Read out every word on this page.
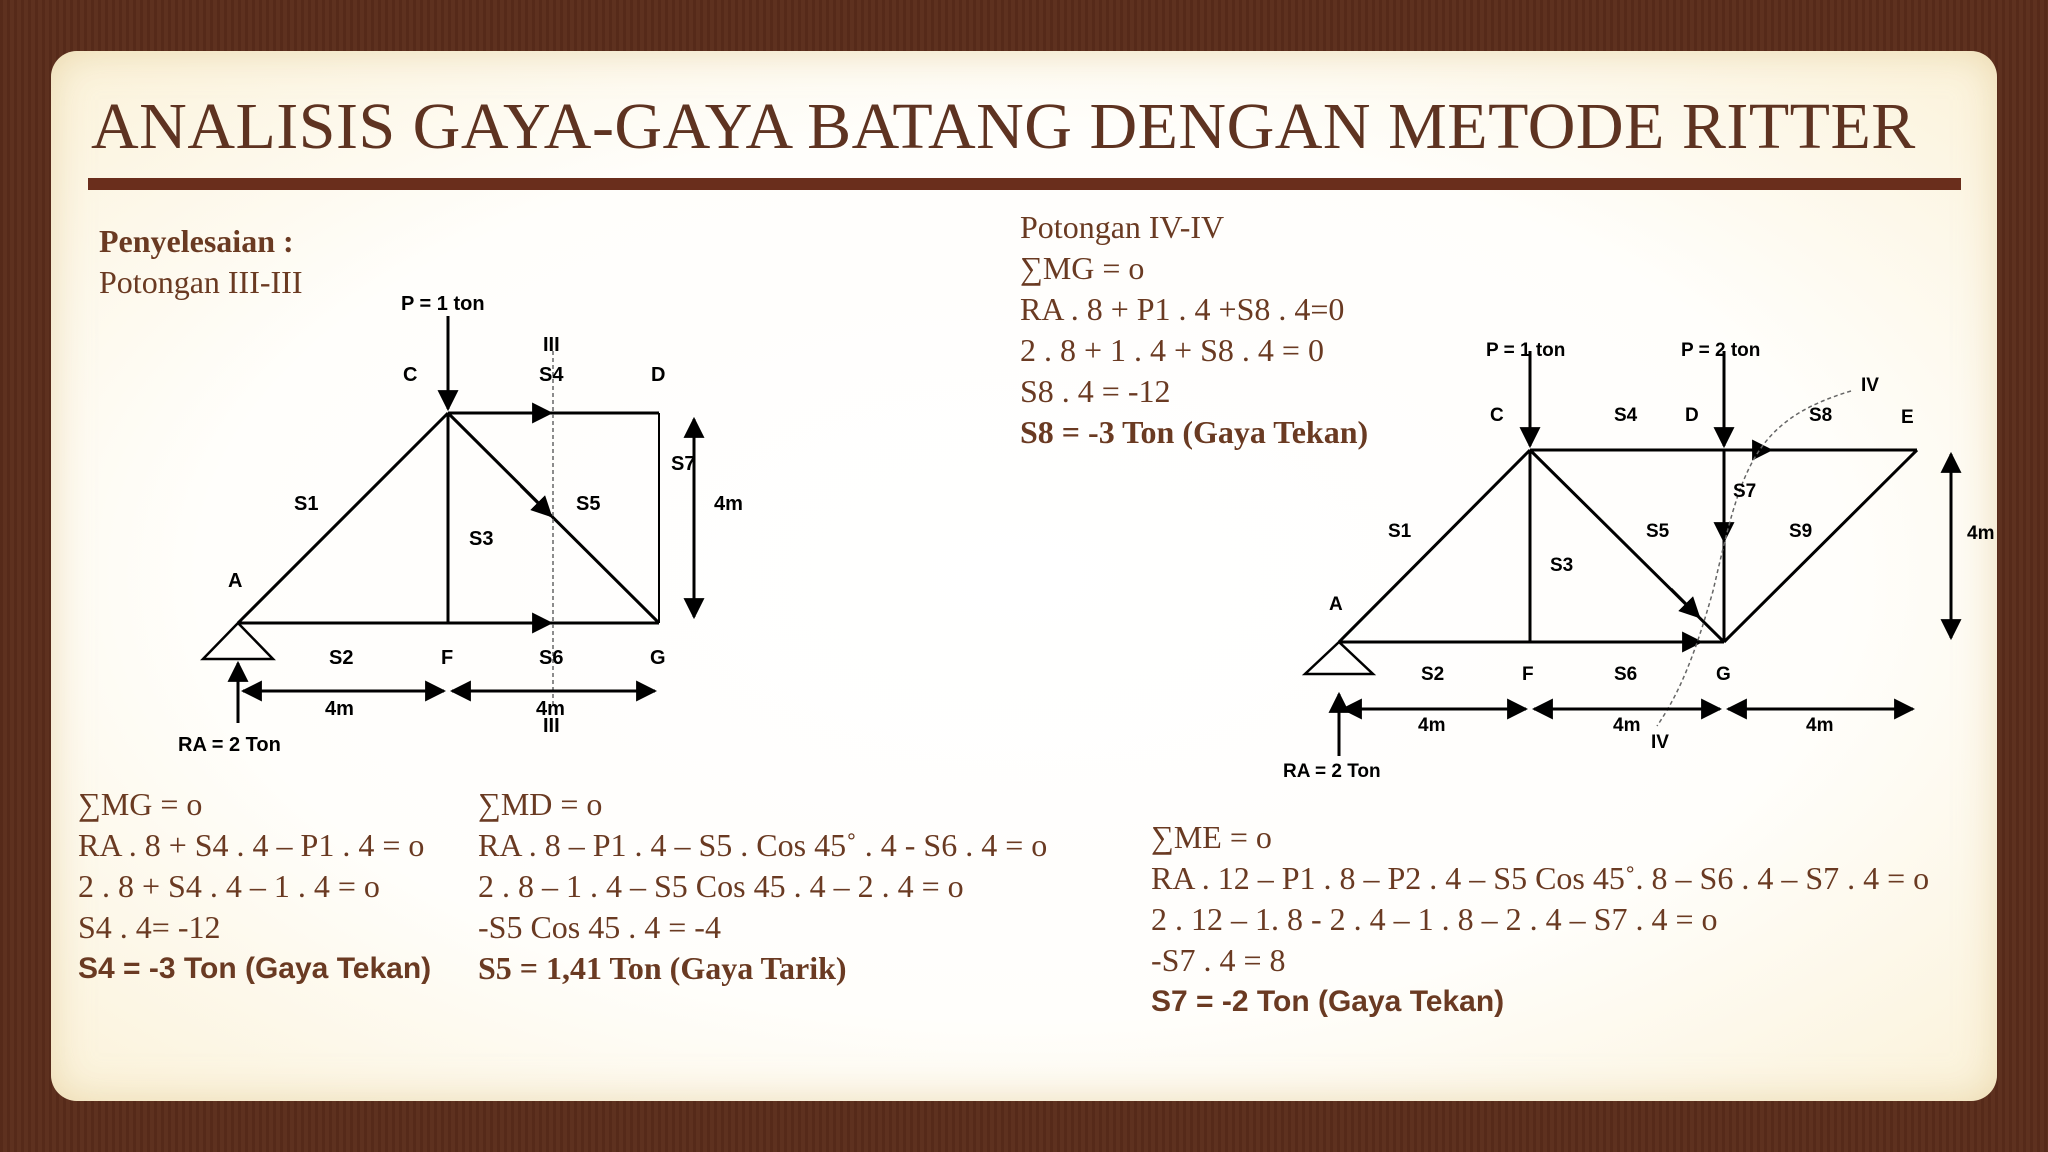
ANALISIS GAYA-GAYA BATANG DENGAN METODE RITTER
Penyelesaian :
Potongan III-III
Potongan IV-IV
∑MG = o
RA . 8 + P1 . 4 +S8 . 4=0
2 . 8 + 1 . 4 + S8 . 4 = 0
S8 . 4 = -12
S8 = -3 Ton (Gaya Tekan)
P = 1 ton
III
C	S4	D
S7
4m
S1	S5
S3
A
S2	F	S6	G
4m	4m
III
RA = 2 Ton
P = 1 ton	P = 2 ton
IV
C	S4	D	S8	E
S7
S1	S5	S9	4m
S3
A
S2	F	S6	G
4m	4m	4m
IV
RA = 2 Ton
∑MG = o
RA . 8 + S4 . 4 – P1 . 4 = o
2 . 8 + S4 . 4 – 1 . 4 = o
S4 . 4= -12
S4 = -3 Ton (Gaya Tekan)
∑MD = o
RA . 8 – P1 . 4 – S5 . Cos 45˚ . 4 - S6 . 4 = o
2 . 8 – 1 . 4 – S5 Cos 45 . 4 – 2 . 4 = o
-S5 Cos 45 . 4 = -4
S5 = 1,41 Ton (Gaya Tarik)
∑ME = o
RA . 12 – P1 . 8 – P2 . 4 – S5 Cos 45˚. 8 – S6 . 4 – S7 . 4 = o
2 . 12 – 1. 8 - 2 . 4 – 1 . 8 – 2 . 4 – S7 . 4 = o
-S7 . 4 = 8
S7 = -2 Ton (Gaya Tekan)
